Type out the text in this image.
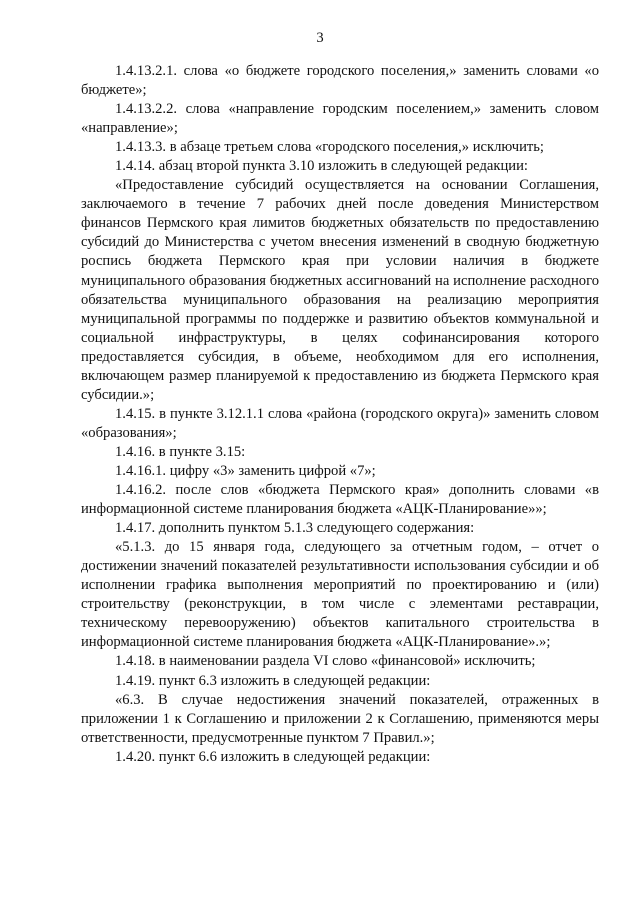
3

1.4.13.2.1. слова «о бюджете городского поселения,» заменить словами «о бюджете»;

1.4.13.2.2. слова «направление городским поселением,» заменить словом «направление»;

1.4.13.3. в абзаце третьем слова «городского поселения,» исключить;

1.4.14. абзац второй пункта 3.10 изложить в следующей редакции:

«Предоставление субсидий осуществляется на основании Соглашения, заключаемого в течение 7 рабочих дней после доведения Министерством финансов Пермского края лимитов бюджетных обязательств по предоставлению субсидий до Министерства с учетом внесения изменений в сводную бюджетную роспись бюджета Пермского края при условии наличия в бюджете муниципального образования бюджетных ассигнований на исполнение расходного обязательства муниципального образования на реализацию мероприятия муниципальной программы по поддержке и развитию объектов коммунальной и социальной инфраструктуры, в целях софинансирования которого предоставляется субсидия, в объеме, необходимом для его исполнения, включающем размер планируемой к предоставлению из бюджета Пермского края субсидии.»;

1.4.15. в пункте 3.12.1.1 слова «района (городского округа)» заменить словом «образования»;

1.4.16. в пункте 3.15:

1.4.16.1. цифру «3» заменить цифрой «7»;

1.4.16.2. после слов «бюджета Пермского края» дополнить словами «в информационной системе планирования бюджета «АЦК-Планирование»»;

1.4.17. дополнить пунктом 5.1.3 следующего содержания:

«5.1.3. до 15 января года, следующего за отчетным годом, – отчет о достижении значений показателей результативности использования субсидии и об исполнении графика выполнения мероприятий по проектированию и (или) строительству (реконструкции, в том числе с элементами реставрации, техническому перевооружению) объектов капитального строительства в информационной системе планирования бюджета «АЦК-Планирование».»;

1.4.18. в наименовании раздела VI слово «финансовой» исключить;

1.4.19. пункт 6.3 изложить в следующей редакции:

«6.3. В случае недостижения значений показателей, отраженных в приложении 1 к Соглашению и приложении 2 к Соглашению, применяются меры ответственности, предусмотренные пунктом 7 Правил.»;

1.4.20. пункт 6.6 изложить в следующей редакции:
